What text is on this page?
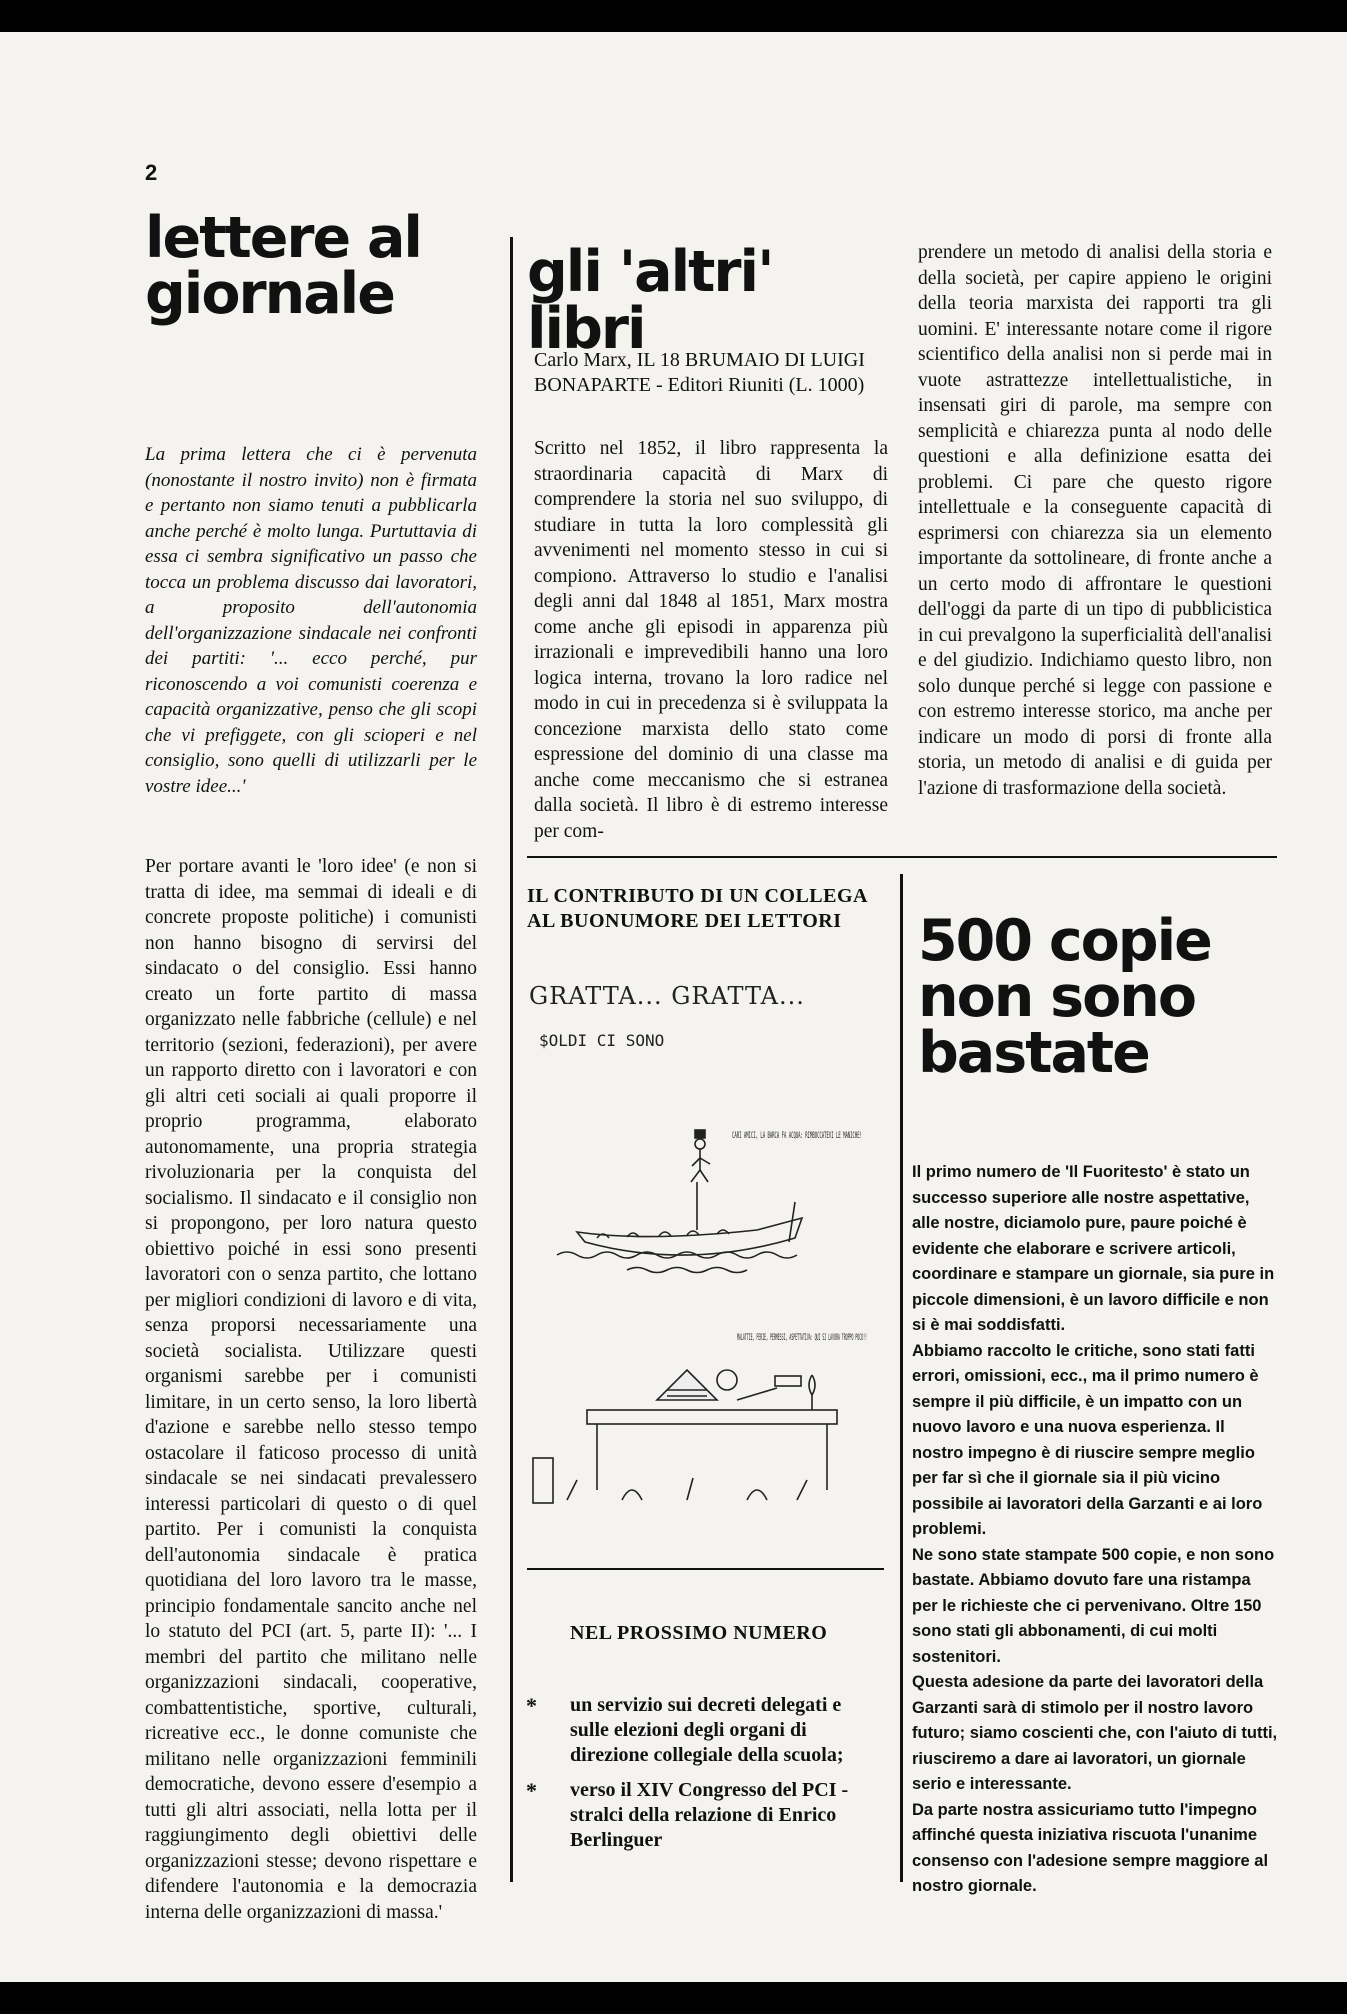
2
lettere al giornale

La prima lettera che ci è pervenuta (nonostante il nostro invito) non è firmata e pertanto non siamo tenuti a pubblicarla anche perché è molto lunga. Purtuttavia di essa ci sembra significativo un passo che tocca un problema discusso dai lavoratori, a proposito dell'autonomia dell'organizzazione sindacale nei confronti dei partiti: '... ecco perché, pur riconoscendo a voi comunisti coerenza e capacità organizzative, penso che gli scopi che vi prefiggete, con gli scioperi e nel consiglio, sono quelli di utilizzarli per le vostre idee...'

Per portare avanti le 'loro idee' (e non si tratta di idee, ma semmai di ideali e di concrete proposte politiche) i comunisti non hanno bisogno di servirsi del sindacato o del consiglio. Essi hanno creato un forte partito di massa organizzato nelle fabbriche (cellule) e nel territorio (sezioni, federazioni), per avere un rapporto diretto con i lavoratori e con gli altri ceti sociali ai quali proporre il proprio programma, elaborato autonomamente, una propria strategia rivoluzionaria per la conquista del socialismo. Il sindacato e il consiglio non si propongono, per loro natura questo obiettivo poiché in essi sono presenti lavoratori con o senza partito, che lottano per migliori condizioni di lavoro e di vita, senza proporsi necessariamente una società socialista. Utilizzare questi organismi sarebbe per i comunisti limitare, in un certo senso, la loro libertà d'azione e sarebbe nello stesso tempo ostacolare il faticoso processo di unità sindacale se nei sindacati prevalessero interessi particolari di questo o di quel partito. Per i comunisti la conquista dell'autonomia sindacale è pratica quotidiana del loro lavoro tra le masse, principio fondamentale sancito anche nel lo statuto del PCI (art. 5, parte II): '... I membri del partito che militano nelle organizzazioni sindacali, cooperative, combattentistiche, sportive, culturali, ricreative ecc., le donne comuniste che militano nelle organizzazioni femminili democratiche, devono essere d'esempio a tutti gli altri associati, nella lotta per il raggiungimento degli obiettivi delle organizzazioni stesse; devono rispettare e difendere l'autonomia e la democrazia interna delle organizzazioni di massa.'

gli 'altri' libri

Carlo Marx, IL 18 BRUMAIO DI LUIGI BONAPARTE - Editori Riuniti (L. 1000)

Scritto nel 1852, il libro rappresenta la straordinaria capacità di Marx di comprendere la storia nel suo sviluppo, di studiare in tutta la loro complessità gli avvenimenti nel momento stesso in cui si compiono. Attraverso lo studio e l'analisi degli anni dal 1848 al 1851, Marx mostra come anche gli episodi in apparenza più irrazionali e imprevedibili hanno una loro logica interna, trovano la loro radice nel modo in cui in precedenza si è sviluppata la concezione marxista dello stato come espressione del dominio di una classe ma anche come meccanismo che si estranea dalla società. Il libro è di estremo interesse per com-

prendere un metodo di analisi della storia e della società, per capire appieno le origini della teoria marxista dei rapporti tra gli uomini. E' interessante notare come il rigore scientifico della analisi non si perde mai in vuote astrattezze intellettualistiche, in insensati giri di parole, ma sempre con semplicità e chiarezza punta al nodo delle questioni e alla definizione esatta dei problemi. Ci pare che questo rigore intellettuale e la conseguente capacità di esprimersi con chiarezza sia un elemento importante da sottolineare, di fronte anche a un certo modo di affrontare le questioni dell'oggi da parte di un tipo di pubblicistica in cui prevalgono la superficialità dell'analisi e del giudizio. Indichiamo questo libro, non solo dunque perché si legge con passione e con estremo interesse storico, ma anche per indicare un modo di porsi di fronte alla storia, un metodo di analisi e di guida per l'azione di trasformazione della società.

IL CONTRIBUTO DI UN COLLEGA AL BUONUMORE DEI LETTORI

GRATTA... GRATTA...
$OLDI CI SONO
CARI AMICI, LA BARCA FA ACQUA: RIMBOCCATEVI LE MANICHE!
MALATTIE, FERIE, PERMESSI, ASPETTATIVA: QUI SI LAVORA TROPPO POCO!!
NEL PROSSIMO NUMERO
* un servizio sui decreti delegati e sulle elezioni degli organi di direzione collegiale della scuola;
* verso il XIV Congresso del PCI - stralci della relazione di Enrico Berlinguer
500 copie non sono bastate

Il primo numero de 'Il Fuoritesto' è stato un successo superiore alle nostre aspettative, alle nostre, diciamolo pure, paure poiché è evidente che elaborare e scrivere articoli, coordinare e stampare un giornale, sia pure in piccole dimensioni, è un lavoro difficile e non si è mai soddisfatti.

Abbiamo raccolto le critiche, sono stati fatti errori, omissioni, ecc., ma il primo numero è sempre il più difficile, è un impatto con un nuovo lavoro e una nuova esperienza. Il nostro impegno è di riuscire sempre meglio per far sì che il giornale sia il più vicino possibile ai lavoratori della Garzanti e ai loro problemi.

Ne sono state stampate 500 copie, e non sono bastate. Abbiamo dovuto fare una ristampa per le richieste che ci pervenivano. Oltre 150 sono stati gli abbonamenti, di cui molti sostenitori.

Questa adesione da parte dei lavoratori della Garzanti sarà di stimolo per il nostro lavoro futuro; siamo coscienti che, con l'aiuto di tutti, riusciremo a dare ai lavoratori, un giornale serio e interessante.

Da parte nostra assicuriamo tutto l'impegno affinché questa iniziativa riscuota l'unanime consenso con l'adesione sempre maggiore al nostro giornale.
